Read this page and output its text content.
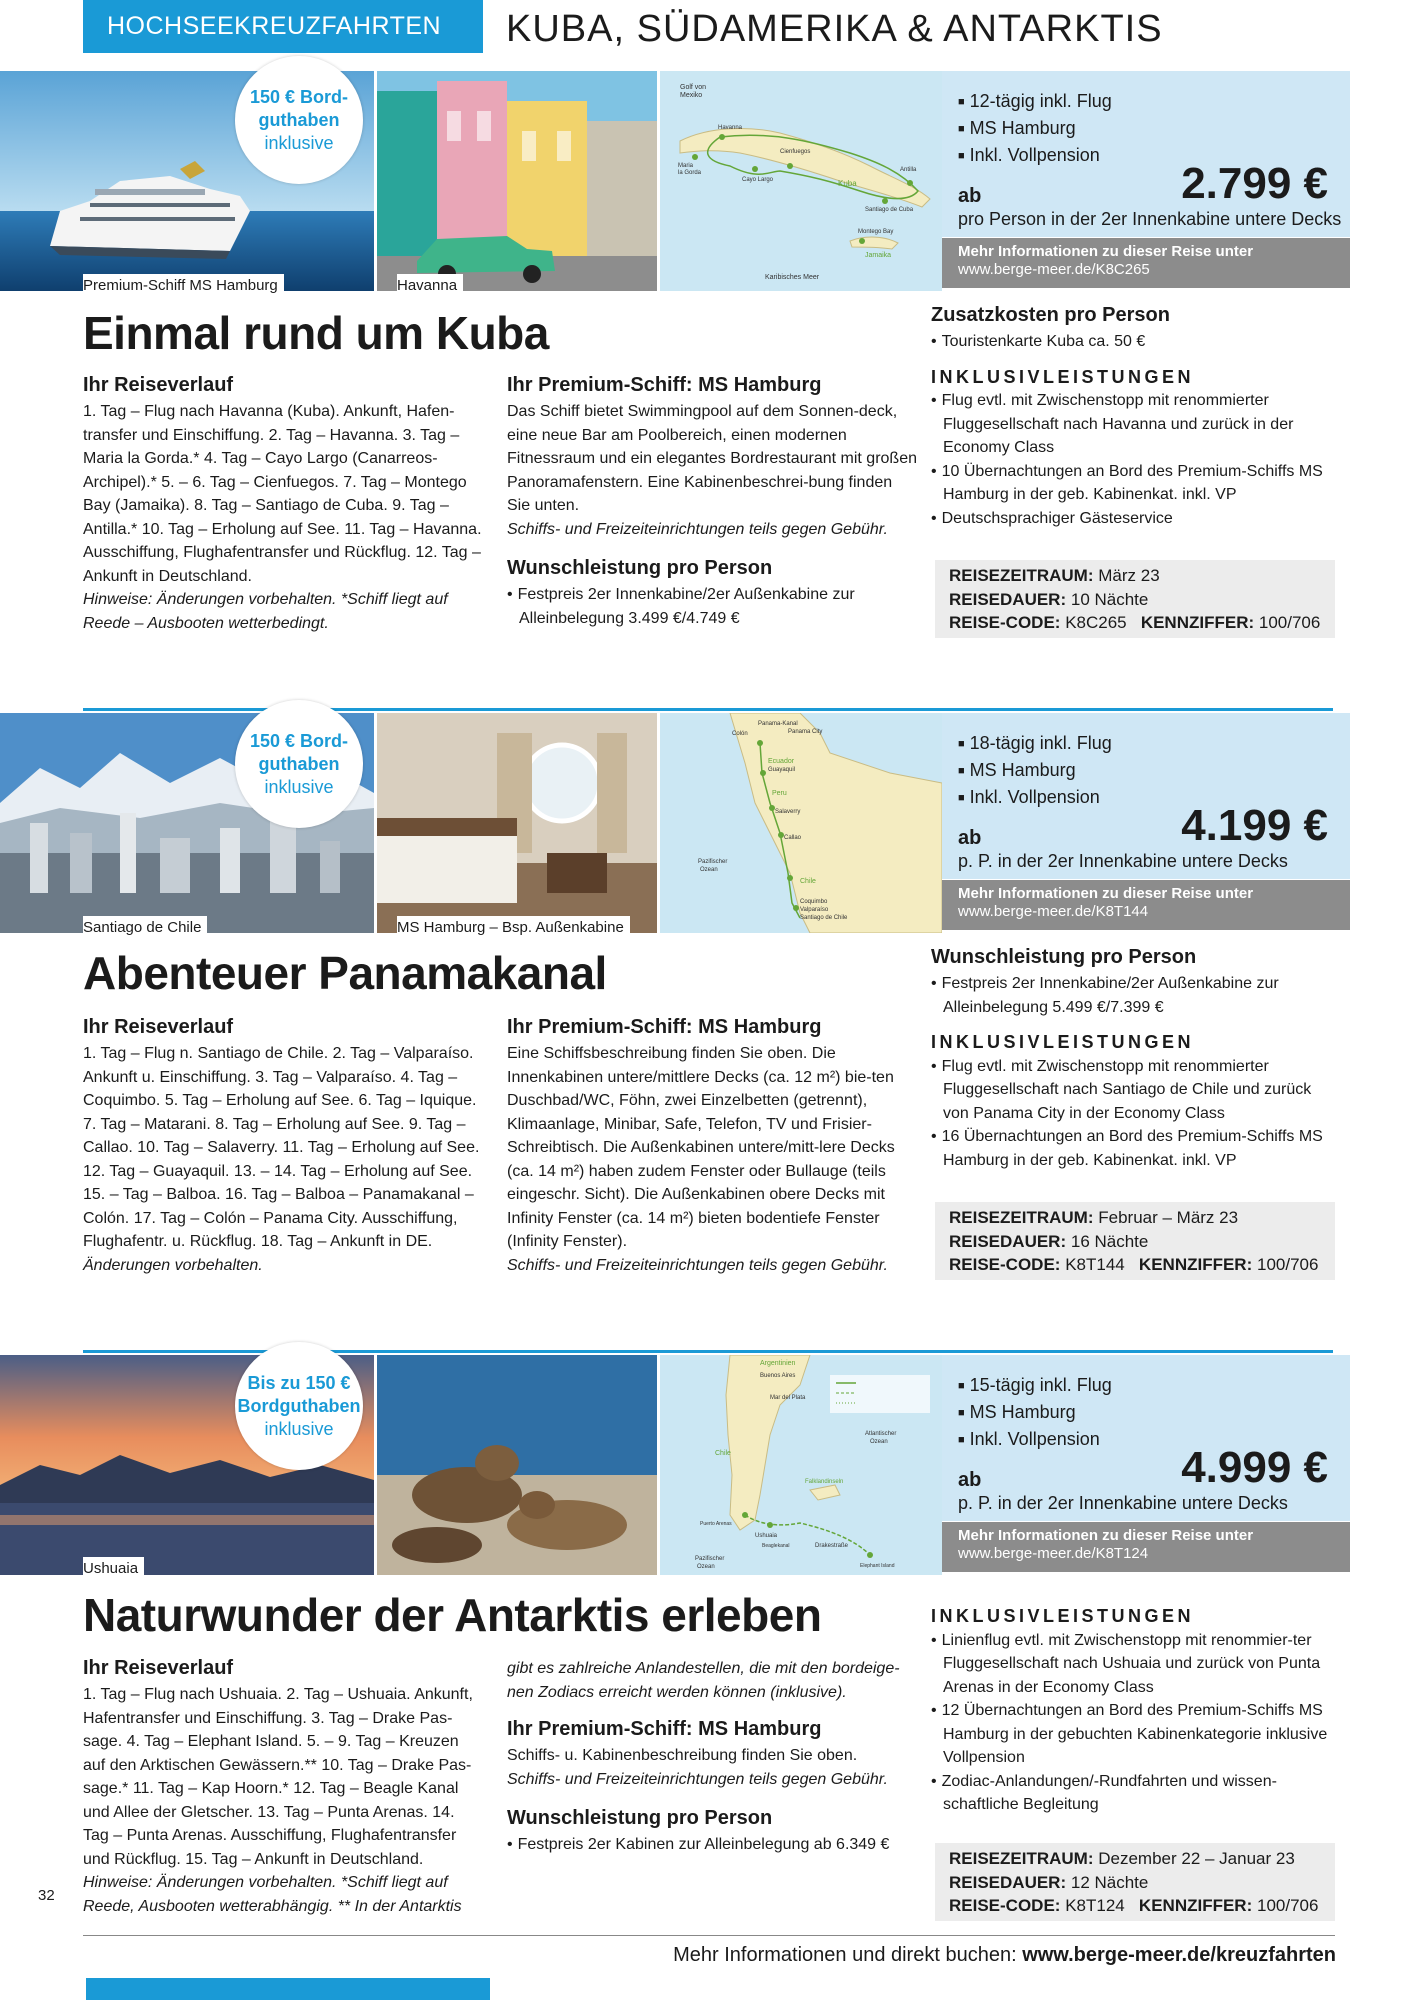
HOCHSEEKREUZFAHRTEN	KUBA, SÜDAMERIKA & ANTARKTIS
Golf von
Mexiko
Havanna
Cienfuegos
Maria
la Gorda
Cayo Largo	Kuba
Antilla
Santiago de Cuba
Montego Bay
Jamaika
Karibisches Meer
150 € Bord-
guthaben
inklusive
Premium-Schiff MS Hamburg	Havanna
■ 12-tägig inkl. Flug
■ MS Hamburg
■ Inkl. Vollpension
ab	2.799 €
pro Person in der 2er Innenkabine untere Decks
Mehr Informationen zu dieser Reise unter
www.berge-meer.de/K8C265
Einmal rund um Kuba
Ihr Reiseverlauf

1. Tag – Flug nach Havanna (Kuba). Ankunft, Hafen-transfer und Einschiffung. 2. Tag – Havanna. 3. Tag – Maria la Gorda.* 4. Tag – Cayo Largo (Canarreos-Archipel).* 5. – 6. Tag – Cienfuegos. 7. Tag – Montego Bay (Jamaika). 8. Tag – Santiago de Cuba. 9. Tag – Antilla.* 10. Tag – Erholung auf See. 11. Tag – Havanna. Ausschiffung, Flughafentransfer und Rückflug. 12. Tag – Ankunft in Deutschland.

Hinweise: Änderungen vorbehalten. *Schiff liegt auf Reede – Ausbooten wetterbedingt.

Ihr Premium-Schiff: MS Hamburg

Das Schiff bietet Swimmingpool auf dem Sonnen-deck, eine neue Bar am Poolbereich, einen modernen Fitnessraum und ein elegantes Bordrestaurant mit großen Panoramafenstern. Eine Kabinenbeschrei-bung finden Sie unten.

Schiffs- und Freizeiteinrichtungen teils gegen Gebühr.

Wunschleistung pro Person
• Festpreis 2er Innenkabine/2er Außenkabine zur Alleinbelegung 3.499 €/4.749 €
Zusatzkosten pro Person
• Touristenkarte Kuba ca. 50 €
INKLUSIVLEISTUNGEN
• Flug evtl. mit Zwischenstopp mit renommierter Fluggesellschaft nach Havanna und zurück in der Economy Class
• 10 Übernachtungen an Bord des Premium-Schiffs MS Hamburg in der geb. Kabinenkat. inkl. VP
• Deutschsprachiger Gästeservice
REISEZEITRAUM: März 23
REISEDAUER: 10 Nächte
REISE-CODE: K8C265 KENNZIFFER: 100/706
Panama-Kanal
Panama City
Colón
Ecuador
Guayaquil
Peru
Salaverry
Callao
Pazifischer
Ozean
Chile
Coquimbo
Valparaíso
Santiago de Chile
150 € Bord-
guthaben
inklusive
Santiago de Chile	MS Hamburg – Bsp. Außenkabine
■ 18-tägig inkl. Flug
■ MS Hamburg
■ Inkl. Vollpension
ab	4.199 €
p. P. in der 2er Innenkabine untere Decks
Mehr Informationen zu dieser Reise unter
www.berge-meer.de/K8T144
Abenteuer Panamakanal
Ihr Reiseverlauf

1. Tag – Flug n. Santiago de Chile. 2. Tag – Valparaíso. Ankunft u. Einschiffung. 3. Tag – Valparaíso. 4. Tag – Coquimbo. 5. Tag – Erholung auf See. 6. Tag – Iquique. 7. Tag – Matarani. 8. Tag – Erholung auf See. 9. Tag – Callao. 10. Tag – Salaverry. 11. Tag – Erholung auf See. 12. Tag – Guayaquil. 13. – 14. Tag – Erholung auf See. 15. – Tag – Balboa. 16. Tag – Balboa – Panamakanal – Colón. 17. Tag – Colón – Panama City. Ausschiffung, Flughafentr. u. Rückflug. 18. Tag – Ankunft in DE.

Änderungen vorbehalten.

Ihr Premium-Schiff: MS Hamburg

Eine Schiffsbeschreibung finden Sie oben. Die Innenkabinen untere/mittlere Decks (ca. 12 m²) bie-ten Duschbad/WC, Föhn, zwei Einzelbetten (getrennt), Klimaanlage, Minibar, Safe, Telefon, TV und Frisier-Schreibtisch. Die Außenkabinen untere/mitt-lere Decks (ca. 14 m²) haben zudem Fenster oder Bullauge (teils eingeschr. Sicht). Die Außenkabinen obere Decks mit Infinity Fenster (ca. 14 m²) bieten bodentiefe Fenster (Infinity Fenster).

Schiffs- und Freizeiteinrichtungen teils gegen Gebühr.

Wunschleistung pro Person
• Festpreis 2er Innenkabine/2er Außenkabine zur Alleinbelegung 5.499 €/7.399 €
INKLUSIVLEISTUNGEN
• Flug evtl. mit Zwischenstopp mit renommierter Fluggesellschaft nach Santiago de Chile und zurück von Panama City in der Economy Class
• 16 Übernachtungen an Bord des Premium-Schiffs MS Hamburg in der geb. Kabinenkat. inkl. VP
REISEZEITRAUM: Februar – März 23
REISEDAUER: 16 Nächte
REISE-CODE: K8T144 KENNZIFFER: 100/706
Argentinien
Buenos Aires
Mar del Plata
Atlantischer
Ozean
Chile
Puerto Arenas
Ushuaia
Falklandinseln
Beaglekanal	Drakestraße
Elephant Island
Pazifischer
Ozean
Bis zu 150 €
Bordguthaben
inklusive
Ushuaia
■ 15-tägig inkl. Flug
■ MS Hamburg
■ Inkl. Vollpension
ab	4.999 €
p. P. in der 2er Innenkabine untere Decks
Mehr Informationen zu dieser Reise unter
www.berge-meer.de/K8T124
Naturwunder der Antarktis erleben
Ihr Reiseverlauf

1. Tag – Flug nach Ushuaia. 2. Tag – Ushuaia. Ankunft, Hafentransfer und Einschiffung. 3. Tag – Drake Pas-sage. 4. Tag – Elephant Island. 5. – 9. Tag – Kreuzen auf den Arktischen Gewässern.** 10. Tag – Drake Pas-sage.* 11. Tag – Kap Hoorn.* 12. Tag – Beagle Kanal und Allee der Gletscher. 13. Tag – Punta Arenas. 14. Tag – Punta Arenas. Ausschiffung, Flughafentransfer und Rückflug. 15. Tag – Ankunft in Deutschland.

Hinweise: Änderungen vorbehalten. *Schiff liegt auf Reede, Ausbooten wetterabhängig. ** In der Antarktis

gibt es zahlreiche Anlandestellen, die mit den bordeige-nen Zodiacs erreicht werden können (inklusive).

Ihr Premium-Schiff: MS Hamburg

Schiffs- u. Kabinenbeschreibung finden Sie oben.

Schiffs- und Freizeiteinrichtungen teils gegen Gebühr.

Wunschleistung pro Person
• Festpreis 2er Kabinen zur Alleinbelegung ab 6.349 €
INKLUSIVLEISTUNGEN
• Linienflug evtl. mit Zwischenstopp mit renommier-ter Fluggesellschaft nach Ushuaia und zurück von Punta Arenas in der Economy Class
• 12 Übernachtungen an Bord des Premium-Schiffs MS Hamburg in der gebuchten Kabinenkategorie inklusive Vollpension
• Zodiac-Anlandungen/-Rundfahrten und wissen-schaftliche Begleitung
REISEZEITRAUM: Dezember 22 – Januar 23
REISEDAUER: 12 Nächte
REISE-CODE: K8T124 KENNZIFFER: 100/706
32
Mehr Informationen und direkt buchen: www.berge-meer.de/kreuzfahrten
